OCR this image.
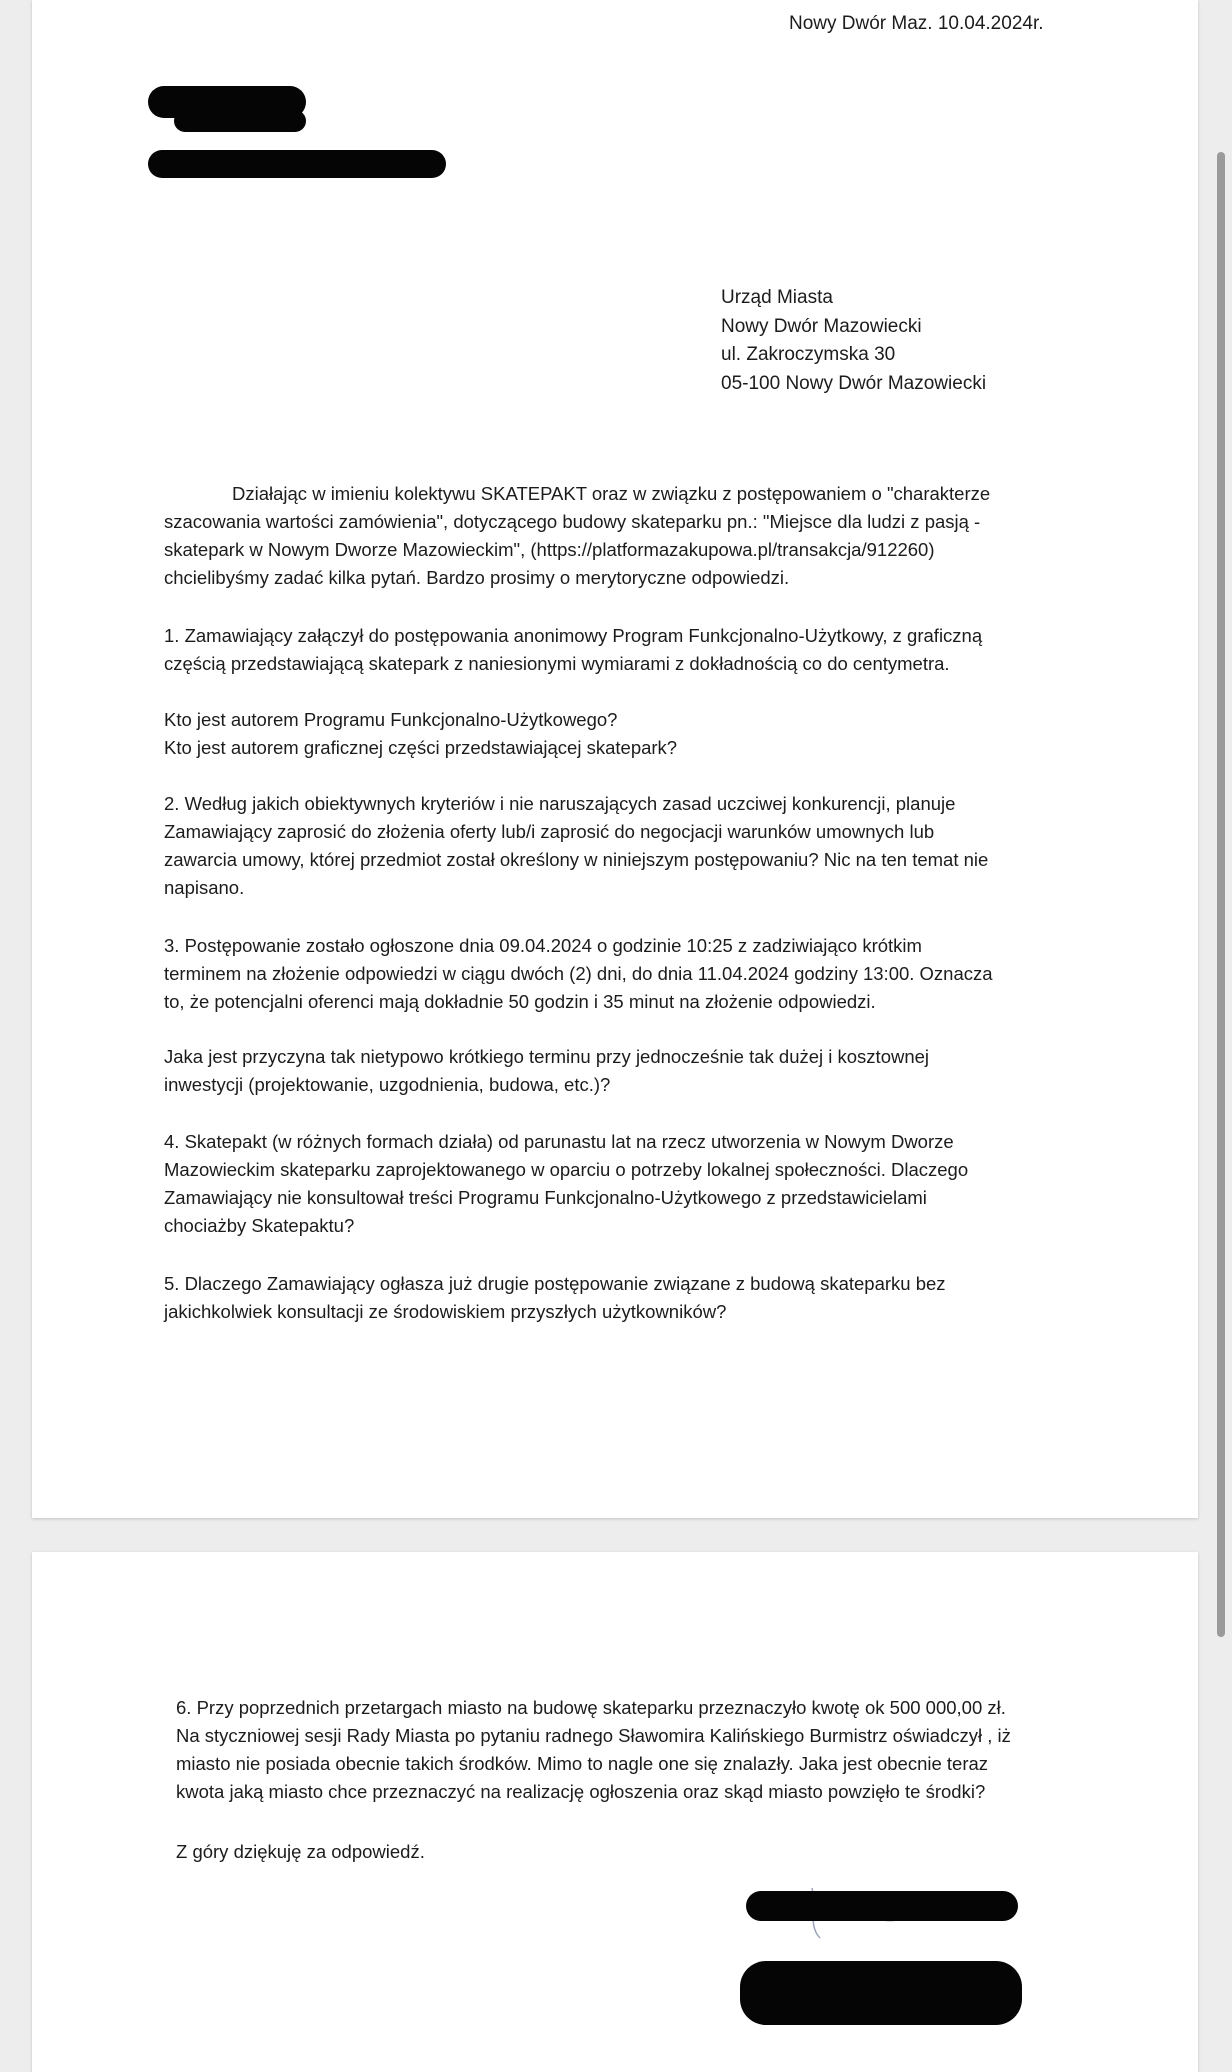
Nowy Dwór Maz. 10.04.2024r.

Urząd Miasta
Nowy Dwór Mazowiecki
ul. Zakroczymska 30
05-100 Nowy Dwór Mazowiecki
Działając w imieniu kolektywu SKATEPAKT oraz w związku z postępowaniem o "charakterze
szacowania wartości zamówienia", dotyczącego budowy skateparku pn.: "Miejsce dla ludzi z pasją -
skatepark w Nowym Dworze Mazowieckim", (https://platformazakupowa.pl/transakcja/912260)
chcielibyśmy zadać kilka pytań. Bardzo prosimy o merytoryczne odpowiedzi.
1. Zamawiający załączył do postępowania anonimowy Program Funkcjonalno-Użytkowy, z graficzną
częścią przedstawiającą skatepark z naniesionymi wymiarami z dokładnością co do centymetra.
Kto jest autorem Programu Funkcjonalno-Użytkowego?
Kto jest autorem graficznej części przedstawiającej skatepark?
2. Według jakich obiektywnych kryteriów i nie naruszających zasad uczciwej konkurencji, planuje
Zamawiający zaprosić do złożenia oferty lub/i zaprosić do negocjacji warunków umownych lub
zawarcia umowy, której przedmiot został określony w niniejszym postępowaniu? Nic na ten temat nie
napisano.
3. Postępowanie zostało ogłoszone dnia 09.04.2024 o godzinie 10:25 z zadziwiająco krótkim
terminem na złożenie odpowiedzi w ciągu dwóch (2) dni, do dnia 11.04.2024 godziny 13:00. Oznacza
to, że potencjalni oferenci mają dokładnie 50 godzin i 35 minut na złożenie odpowiedzi.
Jaka jest przyczyna tak nietypowo krótkiego terminu przy jednocześnie tak dużej i kosztownej
inwestycji (projektowanie, uzgodnienia, budowa, etc.)?
4. Skatepakt (w różnych formach działa) od parunastu lat na rzecz utworzenia w Nowym Dworze
Mazowieckim skateparku zaprojektowanego w oparciu o potrzeby lokalnej społeczności. Dlaczego
Zamawiający nie konsultował treści Programu Funkcjonalno-Użytkowego z przedstawicielami
chociażby Skatepaktu?
5. Dlaczego Zamawiający ogłasza już drugie postępowanie związane z budową skateparku bez
jakichkolwiek konsultacji ze środowiskiem przyszłych użytkowników?
6. Przy poprzednich przetargach miasto na budowę skateparku przeznaczyło kwotę ok 500 000,00 zł.
Na styczniowej sesji Rady Miasta po pytaniu radnego Sławomira Kalińskiego Burmistrz oświadczył , iż
miasto nie posiada obecnie takich środków. Mimo to nagle one się znalazły. Jaka jest obecnie teraz
kwota jaką miasto chce przeznaczyć na realizację ogłoszenia oraz skąd miasto powzięło te środki?

Z góry dziękuję za odpowiedź.
